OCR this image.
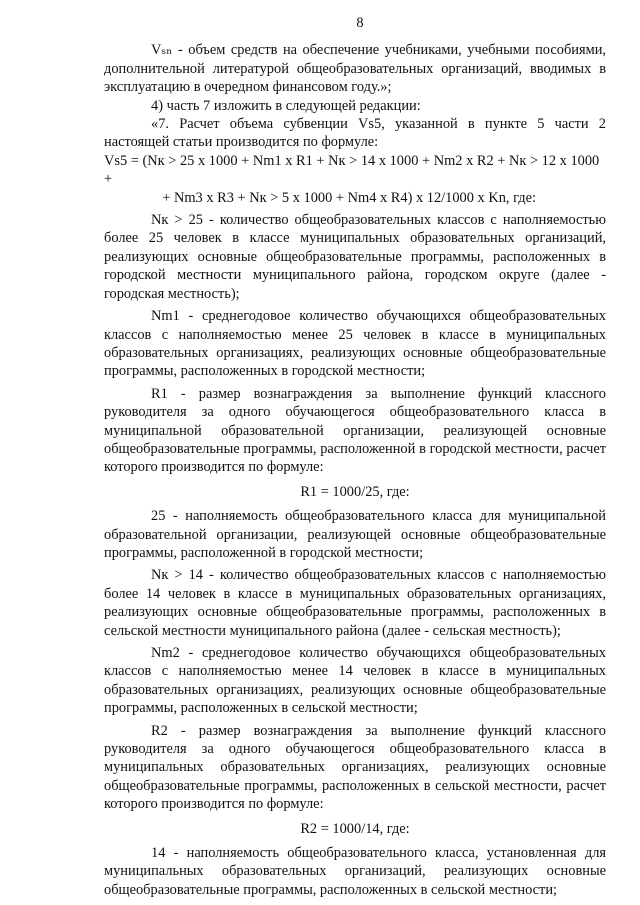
8

Vₛₙ - объем средств на обеспечение учебниками, учебными пособиями, дополнительной литературой общеобразовательных организаций, вводимых в эксплуатацию в очередном финансовом году.»;

4) часть 7 изложить в следующей редакции:

«7. Расчет объема субвенции Vs5, указанной в пункте 5 части 2 настоящей статьи производится по формуле:

Vs5 = (Nк > 25 x 1000 + Nm1 x R1 + Nк > 14 x 1000 + Nm2 x R2 + Nк > 12 x 1000 +

+ Nm3 x R3 + Nк > 5 x 1000 + Nm4 x R4) x 12/1000 x Kn, где:

Nк > 25 - количество общеобразовательных классов с наполняемостью более 25 человек в классе муниципальных образовательных организаций, реализующих основные общеобразовательные программы, расположенных в городской местности муниципального района, городском округе (далее - городская местность);

Nm1 - среднегодовое количество обучающихся общеобразовательных классов с наполняемостью менее 25 человек в классе в муниципальных образовательных организациях, реализующих основные общеобразовательные программы, расположенных в городской местности;

R1 - размер вознаграждения за выполнение функций классного руководителя за одного обучающегося общеобразовательного класса в муниципальной образовательной организации, реализующей основные общеобразовательные программы, расположенной в городской местности, расчет которого производится по формуле:

R1 = 1000/25, где:

25 - наполняемость общеобразовательного класса для муниципальной образовательной организации, реализующей основные общеобразовательные программы, расположенной в городской местности;

Nк > 14 - количество общеобразовательных классов с наполняемостью более 14 человек в классе в муниципальных образовательных организациях, реализующих основные общеобразовательные программы, расположенных в сельской местности муниципального района (далее - сельская местность);

Nm2 - среднегодовое количество обучающихся общеобразовательных классов с наполняемостью менее 14 человек в классе в муниципальных образовательных организациях, реализующих основные общеобразовательные программы, расположенных в сельской местности;

R2 - размер вознаграждения за выполнение функций классного руководителя за одного обучающегося общеобразовательного класса в муниципальных образовательных организациях, реализующих основные общеобразовательные программы, расположенных в сельской местности, расчет которого производится по формуле:

R2 = 1000/14, где:

14 - наполняемость общеобразовательного класса, установленная для муниципальных образовательных организаций, реализующих основные общеобразовательные программы, расположенных в сельской местности;
